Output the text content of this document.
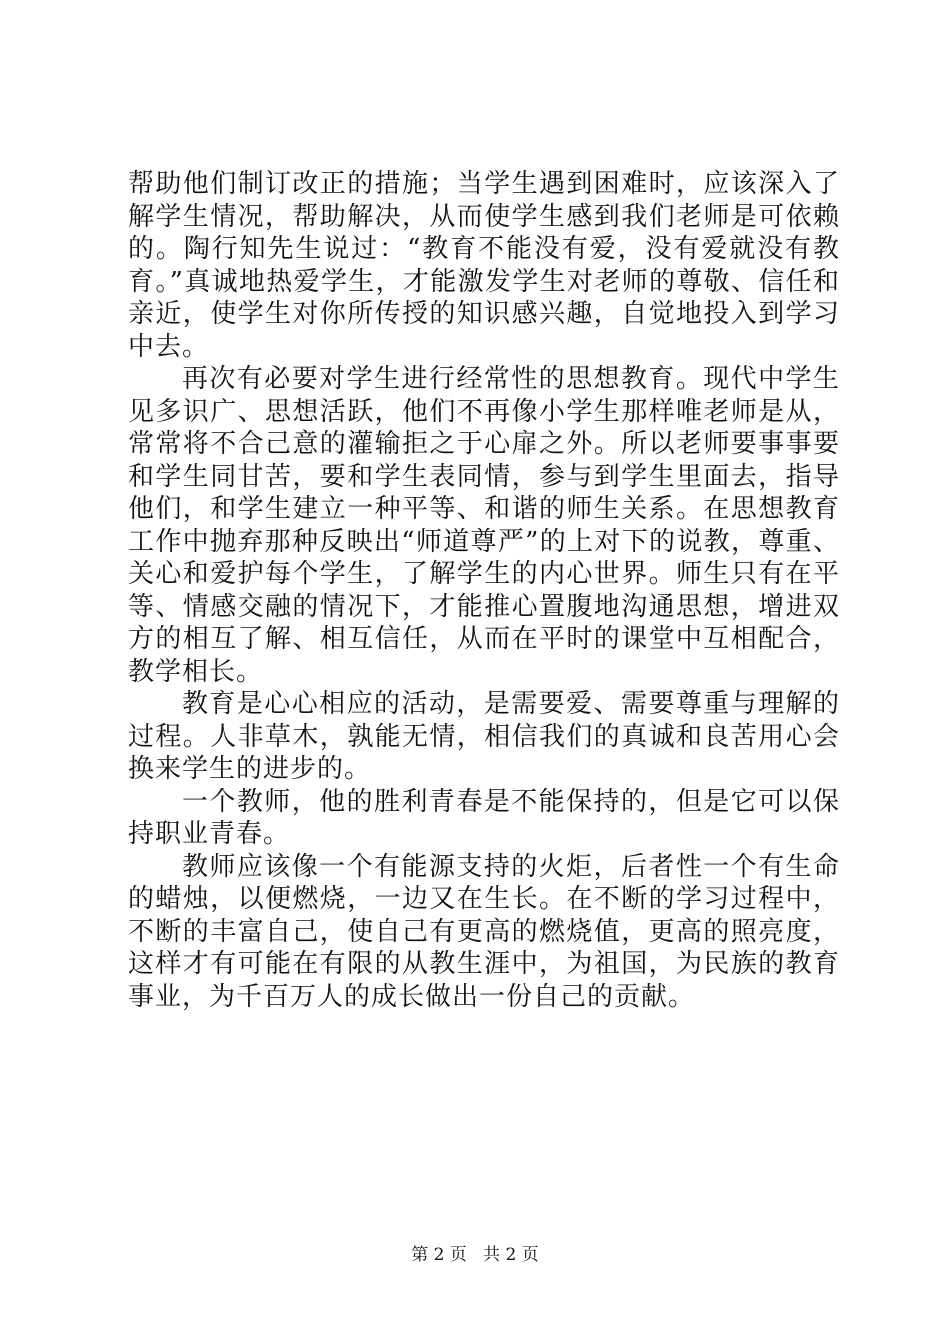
帮助他们制订改正的措施；当学生遇到困难时，应该深入了解学生情况，帮助解决，从而使学生感到我们老师是可依赖的。陶行知先生说过：“教育不能没有爱，没有爱就没有教育。”真诚地热爱学生，才能激发学生对老师的尊敬、信任和亲近，使学生对你所传授的知识感兴趣，自觉地投入到学习中去。

再次有必要对学生进行经常性的思想教育。现代中学生见多识广、思想活跃，他们不再像小学生那样唯老师是从，常常将不合己意的灌输拒之于心扉之外。所以老师要事事要和学生同甘苦，要和学生表同情，参与到学生里面去，指导他们，和学生建立一种平等、和谐的师生关系。在思想教育工作中抛弃那种反映出“师道尊严”的上对下的说教，尊重、关心和爱护每个学生，了解学生的内心世界。师生只有在平等、情感交融的情况下，才能推心置腹地沟通思想，增进双方的相互了解、相互信任，从而在平时的课堂中互相配合，教学相长。

教育是心心相应的活动，是需要爱、需要尊重与理解的过程。人非草木，孰能无情，相信我们的真诚和良苦用心会换来学生的进步的。

一个教师，他的胜利青春是不能保持的，但是它可以保持职业青春。

教师应该像一个有能源支持的火炬，后者性一个有生命的蜡烛，以便燃烧，一边又在生长。在不断的学习过程中，不断的丰富自己，使自己有更高的燃烧值，更高的照亮度，这样才有可能在有限的从教生涯中，为祖国，为民族的教育事业，为千百万人的成长做出一份自己的贡献。

第 2 页 共 2 页
